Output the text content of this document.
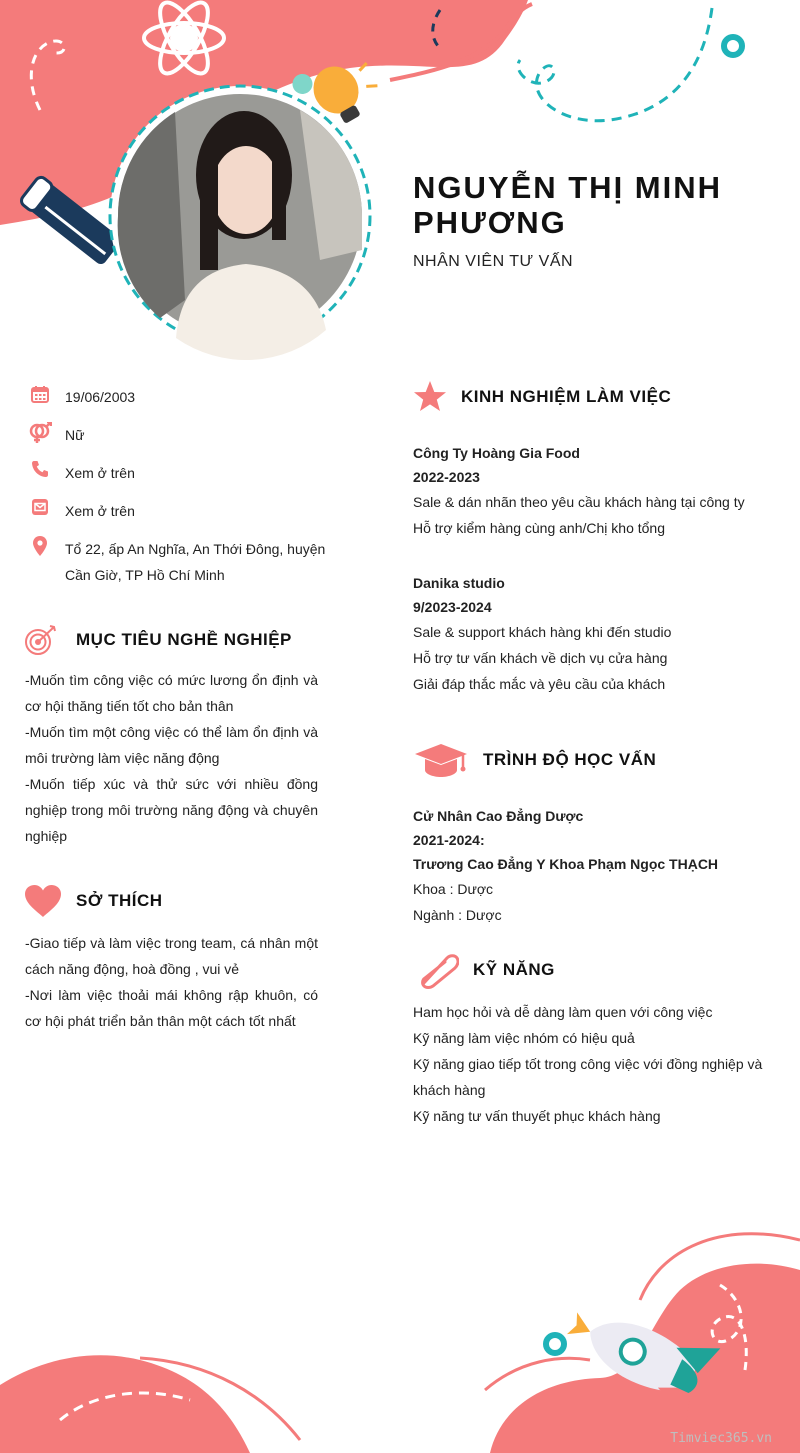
NGUYỄN THỊ MINH PHƯƠNG
NHÂN VIÊN TƯ VẤN
19/06/2003
Nữ
Xem ở trên
Xem ở trên
Tổ 22, ấp An Nghĩa, An Thới Đông, huyện Cần Giờ, TP Hồ Chí Minh
MỤC TIÊU NGHỀ NGHIỆP
-Muốn tìm công việc có mức lương ổn định và cơ hội thăng tiến tốt cho bản thân
-Muốn tìm một công việc có thể làm ổn định và môi trường làm việc năng động
-Muốn tiếp xúc và thử sức với nhiều đồng nghiệp trong môi trường năng động và chuyên nghiệp
SỞ THÍCH
-Giao tiếp và làm việc trong team, cá nhân một cách năng động, hoà đồng , vui vẻ
-Nơi làm việc thoải mái không rập khuôn, có cơ hội phát triển bản thân một cách tốt nhất
KINH NGHIỆM LÀM VIỆC
Công Ty Hoàng Gia Food
2022-2023
Sale & dán nhãn theo yêu cầu khách hàng tại công ty
Hỗ trợ kiểm hàng cùng anh/Chị kho tổng
Danika studio
9/2023-2024
Sale & support khách hàng khi đến studio
Hỗ trợ tư vấn khách về dịch vụ cửa hàng
Giải đáp thắc mắc và yêu cầu của khách
TRÌNH ĐỘ HỌC VẤN
Cử Nhân Cao Đẳng Dược
2021-2024:
Trương Cao Đẳng Y Khoa Phạm Ngọc THẠCH
Khoa : Dược
Ngành : Dược
KỸ NĂNG
Ham học hỏi và dễ dàng làm quen với công việc
Kỹ năng làm việc nhóm có hiệu quả
Kỹ năng giao tiếp tốt trong công việc với đồng nghiệp và khách hàng
Kỹ năng tư vấn thuyết phục khách hàng
Timviec365.vn
